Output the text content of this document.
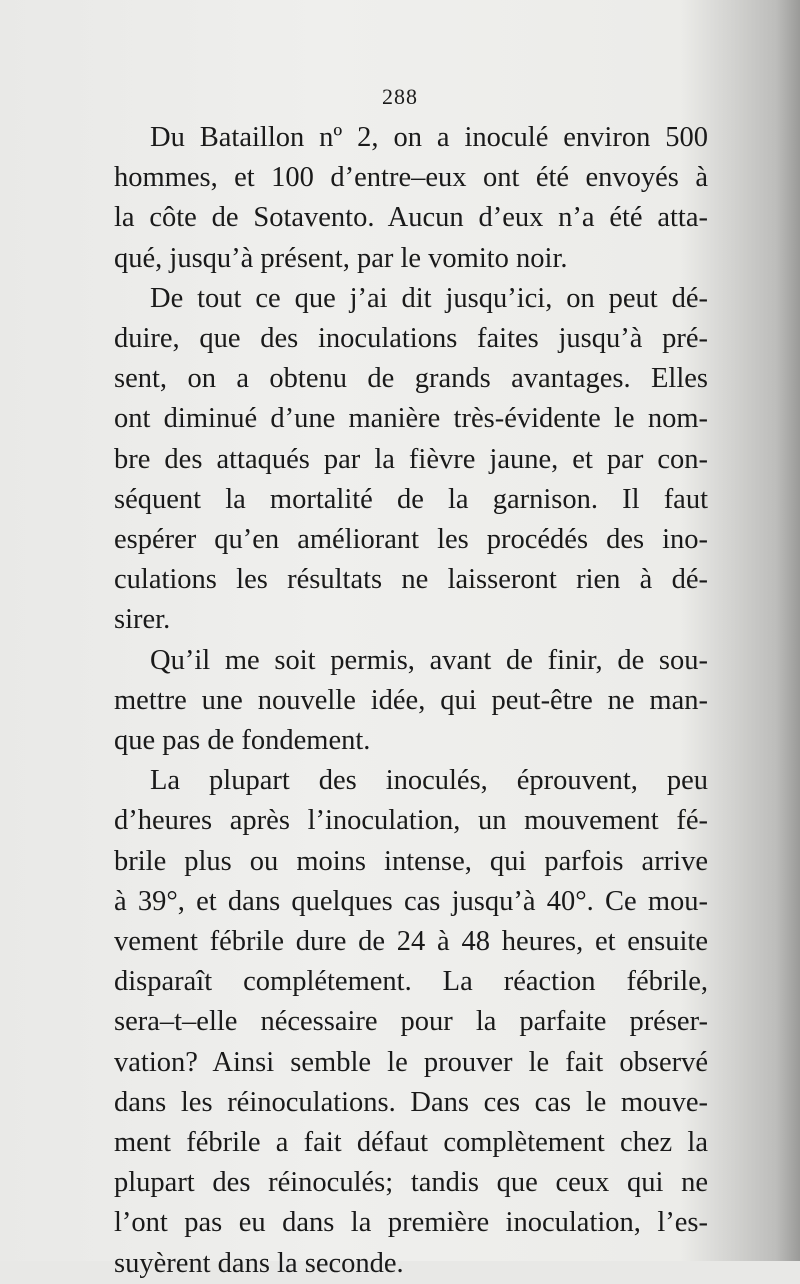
288
Du Bataillon nº 2, on a inoculé environ 500
hommes, et 100 d’entre–eux ont été envoyés à
la côte de Sotavento. Aucun d’eux n’a été atta-
qué, jusqu’à présent, par le vomito noir.
De tout ce que j’ai dit jusqu’ici, on peut dé-
duire, que des inoculations faites jusqu’à pré-
sent, on a obtenu de grands avantages. Elles
ont diminué d’une manière très-évidente le nom-
bre des attaqués par la fièvre jaune, et par con-
séquent la mortalité de la garnison. Il faut
espérer qu’en améliorant les procédés des ino-
culations les résultats ne laisseront rien à dé-
sirer.
Qu’il me soit permis, avant de finir, de sou-
mettre une nouvelle idée, qui peut-être ne man-
que pas de fondement.
La plupart des inoculés, éprouvent, peu
d’heures après l’inoculation, un mouvement fé-
brile plus ou moins intense, qui parfois arrive
à 39°, et dans quelques cas jusqu’à 40°. Ce mou-
vement fébrile dure de 24 à 48 heures, et ensuite
disparaît complétement. La réaction fébrile,
sera–t–elle nécessaire pour la parfaite préser-
vation? Ainsi semble le prouver le fait observé
dans les réinoculations. Dans ces cas le mouve-
ment fébrile a fait défaut complètement chez la
plupart des réinoculés; tandis que ceux qui ne
l’ont pas eu dans la première inoculation, l’es-
suyèrent dans la seconde.
